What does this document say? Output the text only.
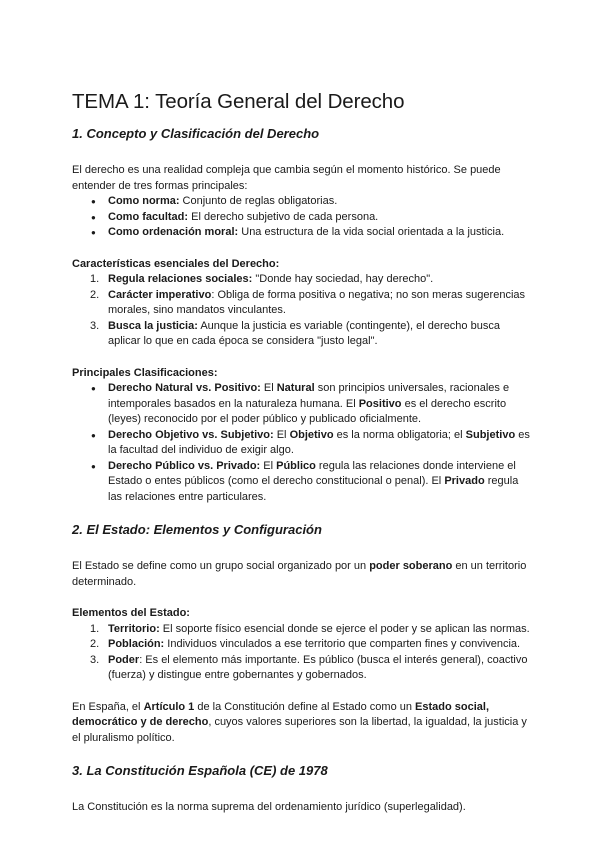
TEMA 1: Teoría General del Derecho
1. Concepto y Clasificación del Derecho

El derecho es una realidad compleja que cambia según el momento histórico. Se puede entender de tres formas principales:

● Como norma: Conjunto de reglas obligatorias.
● Como facultad: El derecho subjetivo de cada persona.
● Como ordenación moral: Una estructura de la vida social orientada a la justicia.

Características esenciales del Derecho:

1. Regula relaciones sociales: "Donde hay sociedad, hay derecho".
2. Carácter imperativo: Obliga de forma positiva o negativa; no son meras sugerencias morales, sino mandatos vinculantes.
3. Busca la justicia: Aunque la justicia es variable (contingente), el derecho busca aplicar lo que en cada época se considera "justo legal".

Principales Clasificaciones:

● Derecho Natural vs. Positivo: El Natural son principios universales, racionales e intemporales basados en la naturaleza humana. El Positivo es el derecho escrito (leyes) reconocido por el poder público y publicado oficialmente.
● Derecho Objetivo vs. Subjetivo: El Objetivo es la norma obligatoria; el Subjetivo es la facultad del individuo de exigir algo.
● Derecho Público vs. Privado: El Público regula las relaciones donde interviene el Estado o entes públicos (como el derecho constitucional o penal). El Privado regula las relaciones entre particulares.
2. El Estado: Elementos y Configuración

El Estado se define como un grupo social organizado por un poder soberano en un territorio determinado.

Elementos del Estado:

1. Territorio: El soporte físico esencial donde se ejerce el poder y se aplican las normas.
2. Población: Individuos vinculados a ese territorio que comparten fines y convivencia.
3. Poder: Es el elemento más importante. Es público (busca el interés general), coactivo (fuerza) y distingue entre gobernantes y gobernados.

En España, el Artículo 1 de la Constitución define al Estado como un Estado social, democrático y de derecho, cuyos valores superiores son la libertad, la igualdad, la justicia y el pluralismo político.

3. La Constitución Española (CE) de 1978

La Constitución es la norma suprema del ordenamiento jurídico (superlegalidad).
